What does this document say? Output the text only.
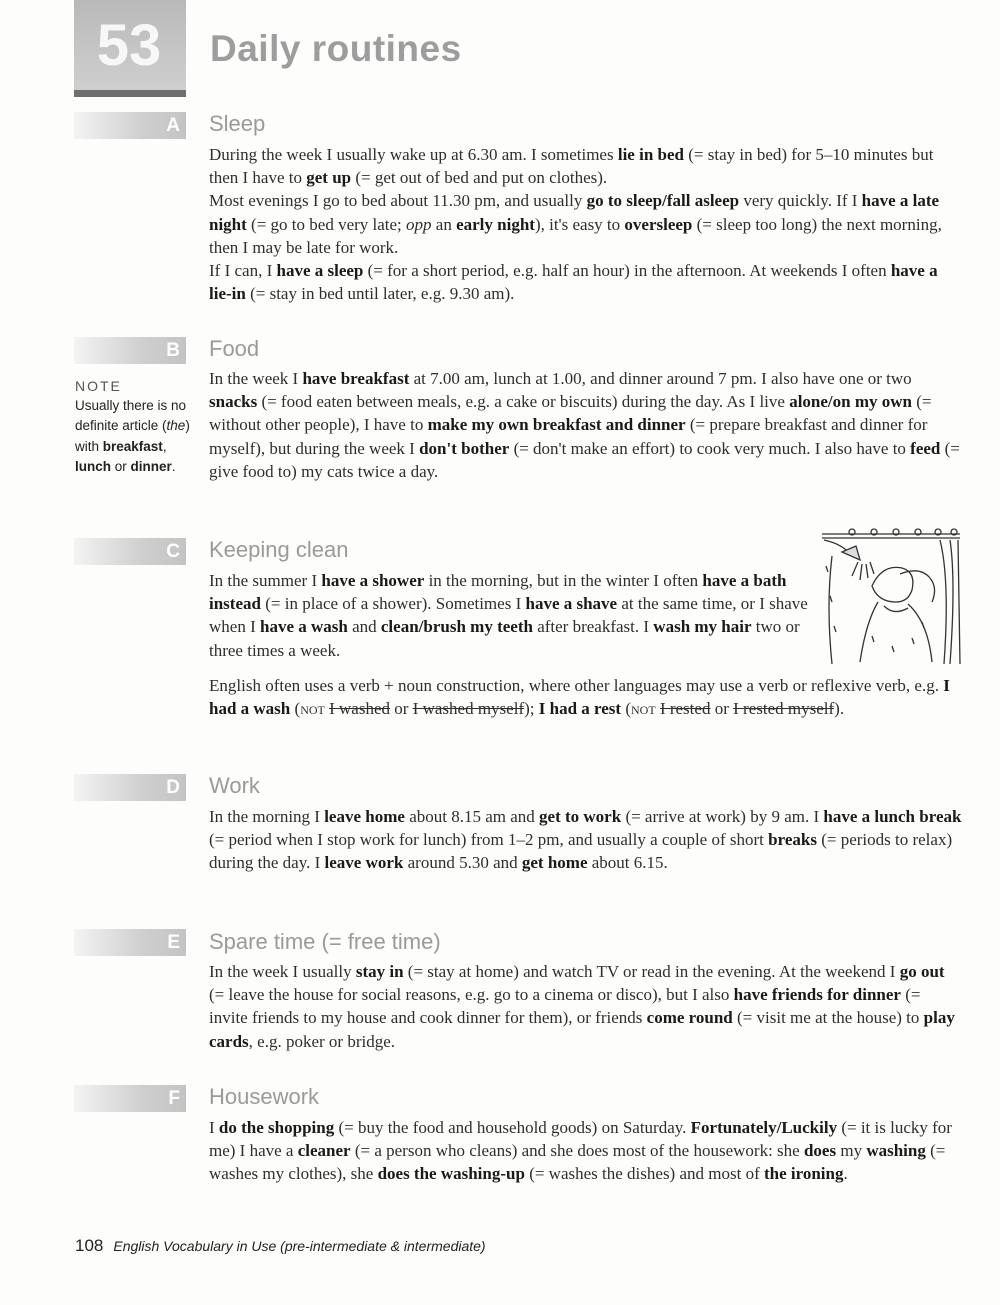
53	Daily routines
A Sleep

During the week I usually wake up at 6.30 am. I sometimes lie in bed (= stay in bed) for 5–10 minutes but then I have to get up (= get out of bed and put on clothes).

Most evenings I go to bed about 11.30 pm, and usually go to sleep/fall asleep very quickly. If I have a late night (= go to bed very late; opp an early night), it's easy to oversleep (= sleep too long) the next morning, then I may be late for work.

If I can, I have a sleep (= for a short period, e.g. half an hour) in the afternoon. At weekends I often have a lie-in (= stay in bed until later, e.g. 9.30 am).

B Food

NOTE

Usually there is no definite article (the) with breakfast, lunch or dinner.

In the week I have breakfast at 7.00 am, lunch at 1.00, and dinner around 7 pm. I also have one or two snacks (= food eaten between meals, e.g. a cake or biscuits) during the day. As I live alone/on my own (= without other people), I have to make my own breakfast and dinner (= prepare breakfast and dinner for myself), but during the week I don't bother (= don't make an effort) to cook very much. I also have to feed (= give food to) my cats twice a day.

C Keeping clean

In the summer I have a shower in the morning, but in the winter I often have a bath instead (= in place of a shower). Sometimes I have a shave at the same time, or I shave when I have a wash and clean/brush my teeth after breakfast. I wash my hair two or three times a week.

English often uses a verb + noun construction, where other languages may use a verb or reflexive verb, e.g. I had a wash (not I washed or I washed myself); I had a rest (not I rested or I rested myself).

D Work

In the morning I leave home about 8.15 am and get to work (= arrive at work) by 9 am. I have a lunch break (= period when I stop work for lunch) from 1–2 pm, and usually a couple of short breaks (= periods to relax) during the day. I leave work around 5.30 and get home about 6.15.

E Spare time (= free time)

In the week I usually stay in (= stay at home) and watch TV or read in the evening. At the weekend I go out (= leave the house for social reasons, e.g. go to a cinema or disco), but I also have friends for dinner (= invite friends to my house and cook dinner for them), or friends come round (= visit me at the house) to play cards, e.g. poker or bridge.

F Housework

I do the shopping (= buy the food and household goods) on Saturday. Fortunately/Luckily (= it is lucky for me) I have a cleaner (= a person who cleans) and she does most of the housework: she does my washing (= washes my clothes), she does the washing-up (= washes the dishes) and most of the ironing.

108 English Vocabulary in Use (pre-intermediate & intermediate)
